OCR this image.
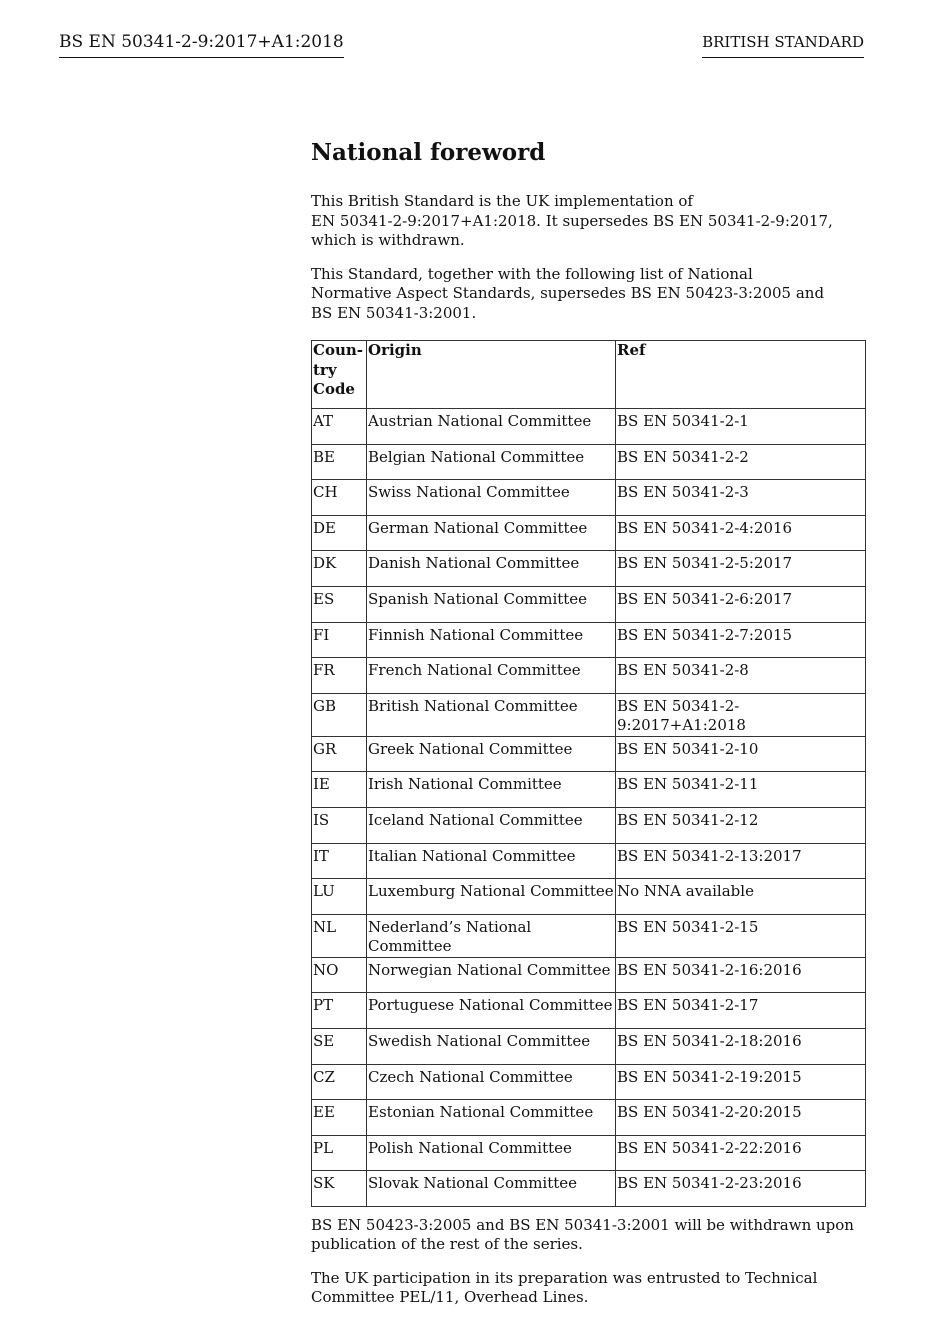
BS EN 50341-2-9:2017+A1:2018	BRITISH STANDARD
National foreword

This British Standard is the UK implementation of
EN 50341-2-9:2017+A1:2018. It supersedes BS EN 50341-2-9:2017, which is withdrawn.

This Standard, together with the following list of National
Normative Aspect Standards, supersedes BS EN 50423-3:2005 and
BS EN 50341-3:2001.

Coun-
try
Code	Origin	Ref
AT	Austrian National Committee	BS EN 50341-2-1
BE	Belgian National Committee	BS EN 50341-2-2
CH	Swiss National Committee	BS EN 50341-2-3
DE	German National Committee	BS EN 50341-2-4:2016
DK	Danish National Committee	BS EN 50341-2-5:2017
ES	Spanish National Committee	BS EN 50341-2-6:2017
FI	Finnish National Committee	BS EN 50341-2-7:2015
FR	French National Committee	BS EN 50341-2-8
GB	British National Committee	BS EN 50341-2-9:2017+A1:2018
GR	Greek National Committee	BS EN 50341-2-10
IE	Irish National Committee	BS EN 50341-2-11
IS	Iceland National Committee	BS EN 50341-2-12
IT	Italian National Committee	BS EN 50341-2-13:2017
LU	Luxemburg National Committee	No NNA available
NL	Nederland’s National Committee	BS EN 50341-2-15
NO	Norwegian National Committee	BS EN 50341-2-16:2016
PT	Portuguese National Committee	BS EN 50341-2-17
SE	Swedish National Committee	BS EN 50341-2-18:2016
CZ	Czech National Committee	BS EN 50341-2-19:2015
EE	Estonian National Committee	BS EN 50341-2-20:2015
PL	Polish National Committee	BS EN 50341-2-22:2016
SK	Slovak National Committee	BS EN 50341-2-23:2016

BS EN 50423-3:2005 and BS EN 50341-3:2001 will be withdrawn upon publication of the rest of the series.

The UK participation in its preparation was entrusted to Technical Committee PEL/11, Overhead Lines.
